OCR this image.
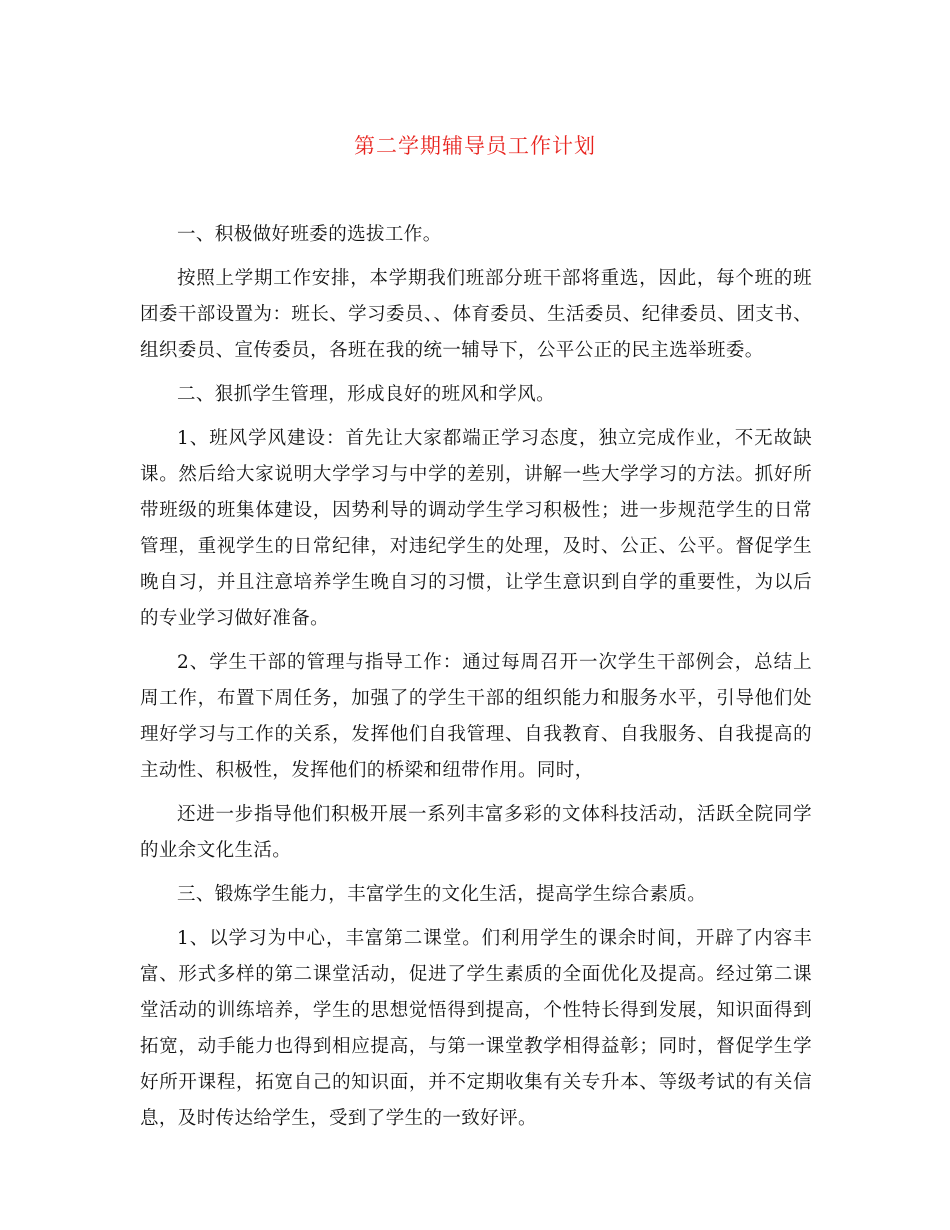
第二学期辅导员工作计划

一、积极做好班委的选拔工作。

按照上学期工作安排，本学期我们班部分班干部将重选，因此，每个班的班团委干部设置为：班长、学习委员、、体育委员、生活委员、纪律委员、团支书、组织委员、宣传委员，各班在我的统一辅导下，公平公正的民主选举班委。

二、狠抓学生管理，形成良好的班风和学风。

1、班风学风建设：首先让大家都端正学习态度，独立完成作业，不无故缺课。然后给大家说明大学学习与中学的差别，讲解一些大学学习的方法。抓好所带班级的班集体建设，因势利导的调动学生学习积极性；进一步规范学生的日常管理，重视学生的日常纪律，对违纪学生的处理，及时、公正、公平。督促学生晚自习，并且注意培养学生晚自习的习惯，让学生意识到自学的重要性，为以后的专业学习做好准备。

2、学生干部的管理与指导工作：通过每周召开一次学生干部例会，总结上周工作，布置下周任务，加强了的学生干部的组织能力和服务水平，引导他们处理好学习与工作的关系，发挥他们自我管理、自我教育、自我服务、自我提高的主动性、积极性，发挥他们的桥梁和纽带作用。同时，

还进一步指导他们积极开展一系列丰富多彩的文体科技活动，活跃全院同学的业余文化生活。

三、锻炼学生能力，丰富学生的文化生活，提高学生综合素质。

1、以学习为中心，丰富第二课堂。们利用学生的课余时间，开辟了内容丰富、形式多样的第二课堂活动，促进了学生素质的全面优化及提高。经过第二课堂活动的训练培养，学生的思想觉悟得到提高，个性特长得到发展，知识面得到拓宽，动手能力也得到相应提高，与第一课堂教学相得益彰；同时，督促学生学好所开课程，拓宽自己的知识面，并不定期收集有关专升本、等级考试的有关信息，及时传达给学生，受到了学生的一致好评。
